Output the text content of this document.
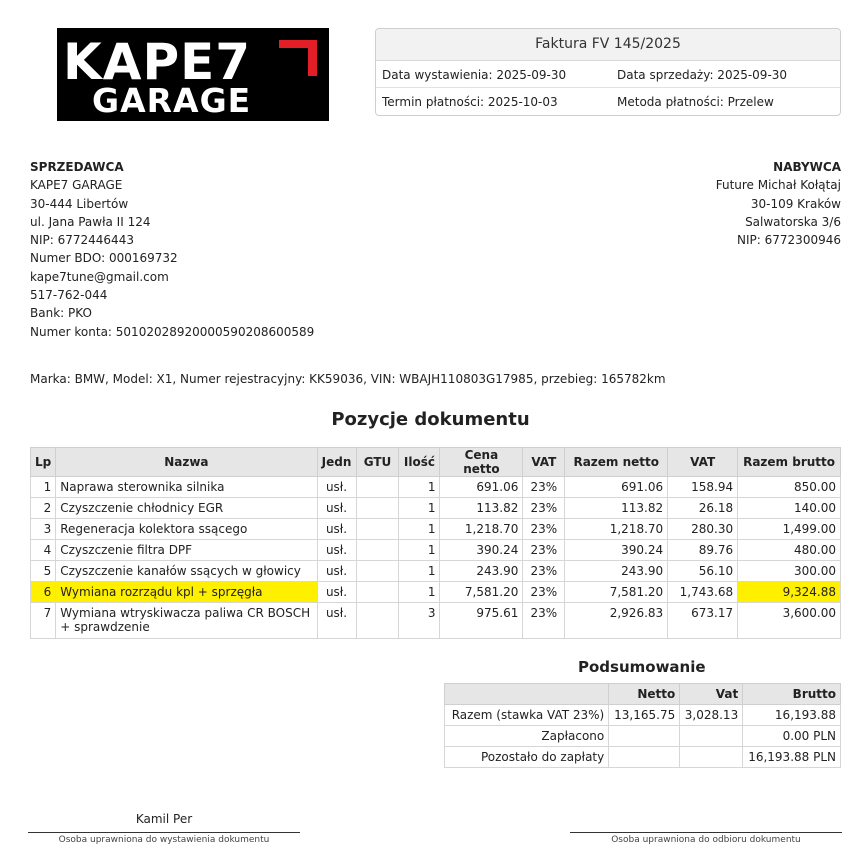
KAPE7
GARAGE
Faktura FV 145/2025
Data wystawienia: 2025-09-30	Data sprzedaży: 2025-09-30
Termin płatności: 2025-10-03	Metoda płatności: Przelew
SPRZEDAWCA
KAPE7 GARAGE
30-444 Libertów
ul. Jana Pawła II 124
NIP: 6772446443
Numer BDO: 000169732
kape7tune@gmail.com
517-762-044
Bank: PKO
Numer konta: 50102028920000590208600589
NABYWCA
Future Michał Kołątaj
30-109 Kraków
Salwatorska 3/6
NIP: 6772300946
Marka: BMW, Model: X1, Numer rejestracyjny: KK59036, VIN: WBAJH110803G17985, przebieg: 165782km
Pozycje dokumentu
Lp	Nazwa	Jedn	GTU	Ilość	Cena netto	VAT	Razem netto	VAT	Razem brutto
1	Naprawa sterownika silnika	usł.		1	691.06	23%	691.06	158.94	850.00
2	Czyszczenie chłodnicy EGR	usł.		1	113.82	23%	113.82	26.18	140.00
3	Regeneracja kolektora ssącego	usł.		1	1,218.70	23%	1,218.70	280.30	1,499.00
4	Czyszczenie filtra DPF	usł.		1	390.24	23%	390.24	89.76	480.00
5	Czyszczenie kanałów ssących w głowicy	usł.		1	243.90	23%	243.90	56.10	300.00
6	Wymiana rozrządu kpl + sprzęgła	usł.		1	7,581.20	23%	7,581.20	1,743.68	9,324.88
7	Wymiana wtryskiwacza paliwa CR BOSCH + sprawdzenie	usł.		3	975.61	23%	2,926.83	673.17	3,600.00
Podsumowanie
	Netto	Vat	Brutto
Razem (stawka VAT 23%)	13,165.75	3,028.13	16,193.88
Zapłacono			0.00 PLN
Pozostało do zapłaty			16,193.88 PLN
Kamil Per
Osoba uprawniona do wystawienia dokumentu	Osoba uprawniona do odbioru dokumentu
